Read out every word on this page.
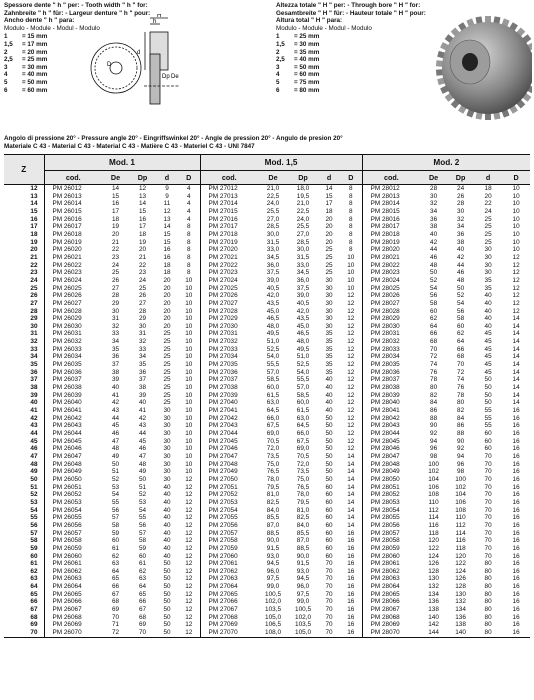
Spessore dente " h " per: - Tooth width " h " for:
Zahnbreite " h " für: - Largeur denture " h " pour:
Ancho dente " h " para:
Modulo - Module - Modul - Modulo
1	= 15 mm
1,5	= 17 mm
2	= 20 mm
2,5	= 25 mm
3	= 30 mm
4	= 40 mm
5	= 50 mm
6	= 60 mm
H
h
d
De
Dp
D
Altezza totale " H " per: - Through bore " H " for:
Gesamtbreite " H " für: - Hauteur totale " H " pour:
Altura total " H " para:
Modulo - Module - Modul - Modulo
1	= 25 mm
1,5	= 30 mm
2	= 35 mm
2,5	= 40 mm
3	= 50 mm
4	= 60 mm
5	= 75 mm
6	= 80 mm
Angolo di pressione 20° - Pressure angle 20° - Eingriffswinkel 20° - Angle de pression 20° - Angulo de presion 20°
Materiale C 43 - Material C 43 - Material C 43 - Matière C 43 - Materiel C 43 - UNI 7847
Z	Mod. 1					Mod. 1,5					Mod. 2				
	cod.	De	Dp	d	D	cod.	De	Dp	d	D	cod.	De	Dp	d	D
12	PM 26012	14	12	9	4	PM 27012	21,0	18,0	14	8	PM 28012	28	24	18	10
13	PM 26013	15	13	9	4	PM 27013	22,5	19,5	15	8	PM 28013	30	26	20	10
14	PM 26014	16	14	11	4	PM 27014	24,0	21,0	17	8	PM 28014	32	28	22	10
15	PM 26015	17	15	12	4	PM 27015	25,5	22,5	18	8	PM 28015	34	30	24	10
16	PM 26016	18	16	13	4	PM 27016	27,0	24,0	20	8	PM 28016	36	32	25	10
17	PM 26017	19	17	14	8	PM 27017	28,5	25,5	20	8	PM 28017	38	34	25	10
18	PM 26018	20	18	15	8	PM 27018	30,0	27,0	20	8	PM 28018	40	36	25	10
19	PM 26019	21	19	15	8	PM 27019	31,5	28,5	20	8	PM 28019	42	38	25	10
20	PM 26020	22	20	16	8	PM 27020	33,0	30,0	25	8	PM 28020	44	40	30	10
21	PM 26021	23	21	16	8	PM 27021	34,5	31,5	25	10	PM 28021	46	42	30	12
22	PM 26022	24	22	18	8	PM 27022	36,0	33,0	25	10	PM 28022	48	44	30	12
23	PM 26023	25	23	18	8	PM 27023	37,5	34,5	25	10	PM 28023	50	46	30	12
24	PM 26024	26	24	20	10	PM 27024	39,0	36,0	30	10	PM 28024	52	48	35	12
25	PM 26025	27	25	20	10	PM 27025	40,5	37,5	30	10	PM 28025	54	50	35	12
26	PM 26026	28	26	20	10	PM 27026	42,0	39,0	30	12	PM 28026	56	52	40	12
27	PM 26027	29	27	20	10	PM 27027	43,5	40,5	30	12	PM 28027	58	54	40	12
28	PM 26028	30	28	20	10	PM 27028	45,0	42,0	30	12	PM 28028	60	56	40	12
29	PM 26029	31	29	20	10	PM 27029	46,5	43,5	30	12	PM 28029	62	58	40	14
30	PM 26030	32	30	20	10	PM 27030	48,0	45,0	30	12	PM 28030	64	60	40	14
31	PM 26031	33	31	25	10	PM 27031	49,5	46,5	35	12	PM 28031	66	62	45	14
32	PM 26032	34	32	25	10	PM 27032	51,0	48,0	35	12	PM 28032	68	64	45	14
33	PM 26033	35	33	25	10	PM 27033	52,5	49,5	35	12	PM 28033	70	66	45	14
34	PM 26034	36	34	25	10	PM 27034	54,0	51,0	35	12	PM 28034	72	68	45	14
35	PM 26035	37	35	25	10	PM 27035	55,5	52,5	35	12	PM 28035	74	70	45	14
36	PM 26036	38	36	25	10	PM 27036	57,0	54,0	35	12	PM 28036	76	72	45	14
37	PM 26037	39	37	25	10	PM 27037	58,5	55,5	40	12	PM 28037	78	74	50	14
38	PM 26038	40	38	25	10	PM 27038	60,0	57,0	40	12	PM 28038	80	76	50	14
39	PM 26039	41	39	25	10	PM 27039	61,5	58,5	40	12	PM 28039	82	78	50	14
40	PM 26040	42	40	25	10	PM 27040	63,0	60,0	40	12	PM 28040	84	80	50	14
41	PM 26041	43	41	30	10	PM 27041	64,5	61,5	40	12	PM 28041	86	82	55	16
42	PM 26042	44	42	30	10	PM 27042	66,0	63,0	50	12	PM 28042	88	84	55	16
43	PM 26043	45	43	30	10	PM 27043	67,5	64,5	50	12	PM 28043	90	86	55	16
44	PM 26044	46	44	30	10	PM 27044	69,0	66,0	50	12	PM 28044	92	88	60	16
45	PM 26045	47	45	30	10	PM 27045	70,5	67,5	50	12	PM 28045	94	90	60	16
46	PM 26046	48	46	30	10	PM 27046	72,0	69,0	50	12	PM 28046	96	92	60	16
47	PM 26047	49	47	30	10	PM 27047	73,5	70,5	50	14	PM 28047	98	94	70	16
48	PM 26048	50	48	30	10	PM 27048	75,0	72,0	50	14	PM 28048	100	96	70	16
49	PM 26049	51	49	30	10	PM 27049	76,5	73,5	50	14	PM 28049	102	98	70	16
50	PM 26050	52	50	30	12	PM 27050	78,0	75,0	50	14	PM 28050	104	100	70	16
51	PM 26051	53	51	40	12	PM 27051	79,5	76,5	60	14	PM 28051	106	102	70	16
52	PM 26052	54	52	40	12	PM 27052	81,0	78,0	60	14	PM 28052	108	104	70	16
53	PM 26053	55	53	40	12	PM 27053	82,5	79,5	60	14	PM 28053	110	106	70	16
54	PM 26054	56	54	40	12	PM 27054	84,0	81,0	60	14	PM 28054	112	108	70	16
55	PM 26055	57	55	40	12	PM 27055	85,5	82,5	60	14	PM 28055	114	110	70	16
56	PM 26056	58	56	40	12	PM 27056	87,0	84,0	60	14	PM 28056	116	112	70	16
57	PM 26057	59	57	40	12	PM 27057	88,5	85,5	60	16	PM 28057	118	114	70	16
58	PM 26058	60	58	40	12	PM 27058	90,0	87,0	60	16	PM 28058	120	116	70	16
59	PM 26059	61	59	40	12	PM 27059	91,5	88,5	60	16	PM 28059	122	118	70	16
60	PM 26060	62	60	40	12	PM 27060	93,0	90,0	60	16	PM 28060	124	120	70	16
61	PM 26061	63	61	50	12	PM 27061	94,5	91,5	70	16	PM 28061	126	122	80	16
62	PM 26062	64	62	50	12	PM 27062	96,0	93,0	70	16	PM 28062	128	124	80	16
63	PM 26063	65	63	50	12	PM 27063	97,5	94,5	70	16	PM 28063	130	126	80	16
64	PM 26064	66	64	50	12	PM 27064	99,0	96,0	70	16	PM 28064	132	128	80	16
65	PM 26065	67	65	50	12	PM 27065	100,5	97,5	70	16	PM 28065	134	130	80	16
66	PM 26066	68	66	50	12	PM 27066	102,0	99,0	70	16	PM 28066	136	132	80	16
67	PM 26067	69	67	50	12	PM 27067	103,5	100,5	70	16	PM 28067	138	134	80	16
68	PM 26068	70	68	50	12	PM 27068	105,0	102,0	70	16	PM 28068	140	136	80	16
69	PM 26069	71	69	50	12	PM 27069	106,5	103,5	70	16	PM 28069	142	138	80	16
70	PM 26070	72	70	50	12	PM 27070	108,0	105,0	70	16	PM 28070	144	140	80	16
